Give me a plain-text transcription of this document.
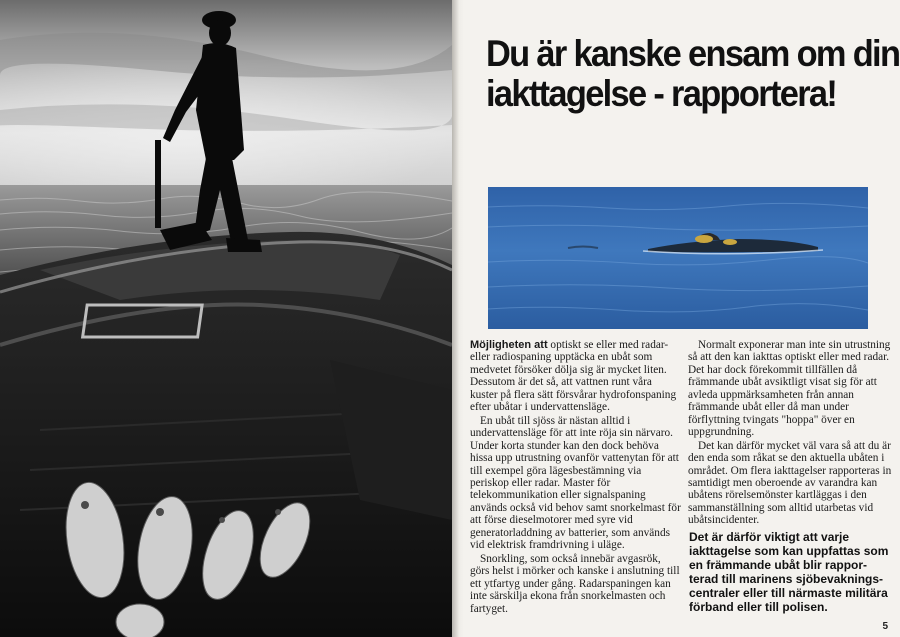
Du är kanske ensam om din
iakttagelse - rapportera!

Möjligheten att optiskt se eller med radar- eller radiospaning upptäcka en ubåt som medvetet försöker dölja sig är mycket liten. Dessutom är det så, att vattnen runt våra kuster på flera sätt försvårar hydrofonspaning efter ubåtar i undervattensläge.

En ubåt till sjöss är nästan alltid i undervattensläge för att inte röja sin närvaro. Under korta stunder kan den dock behöva hissa upp utrustning ovanför vattenytan för att till exempel göra lägesbestämning via periskop eller radar. Master för telekommunikation eller signalspaning används också vid behov samt snorkelmast för att förse dieselmotorer med syre vid generatorladdning av batterier, som används vid elektrisk framdrivning i uläge.

Snorkling, som också innebär avgasrök, görs helst i mörker och kanske i anslutning till ett ytfartyg under gång. Radarspaningen kan inte särskilja ekona från snorkelmasten och fartyget.

Normalt exponerar man inte sin utrustning så att den kan iakttas optiskt eller med radar. Det har dock förekommit tillfällen då främmande ubåt avsiktligt visat sig för att avleda uppmärksamheten från annan främmande ubåt eller då man under förflyttning tvingats "hoppa" över en uppgrundning.

Det kan därför mycket väl vara så att du är den enda som råkat se den aktuella ubåten i området. Om flera iakttagelser rapporteras in samtidigt men oberoende av varandra kan ubåtens rörelsemönster kartläggas i den sammanställning som alltid utarbetas vid ubåtsincidenter.

Det är därför viktigt att varje
iakttagelse som kan uppfattas som
en främmande ubåt blir rappor-
terad till marinens sjöbevaknings-
centraler eller till närmaste militära
förband eller till polisen.

5
